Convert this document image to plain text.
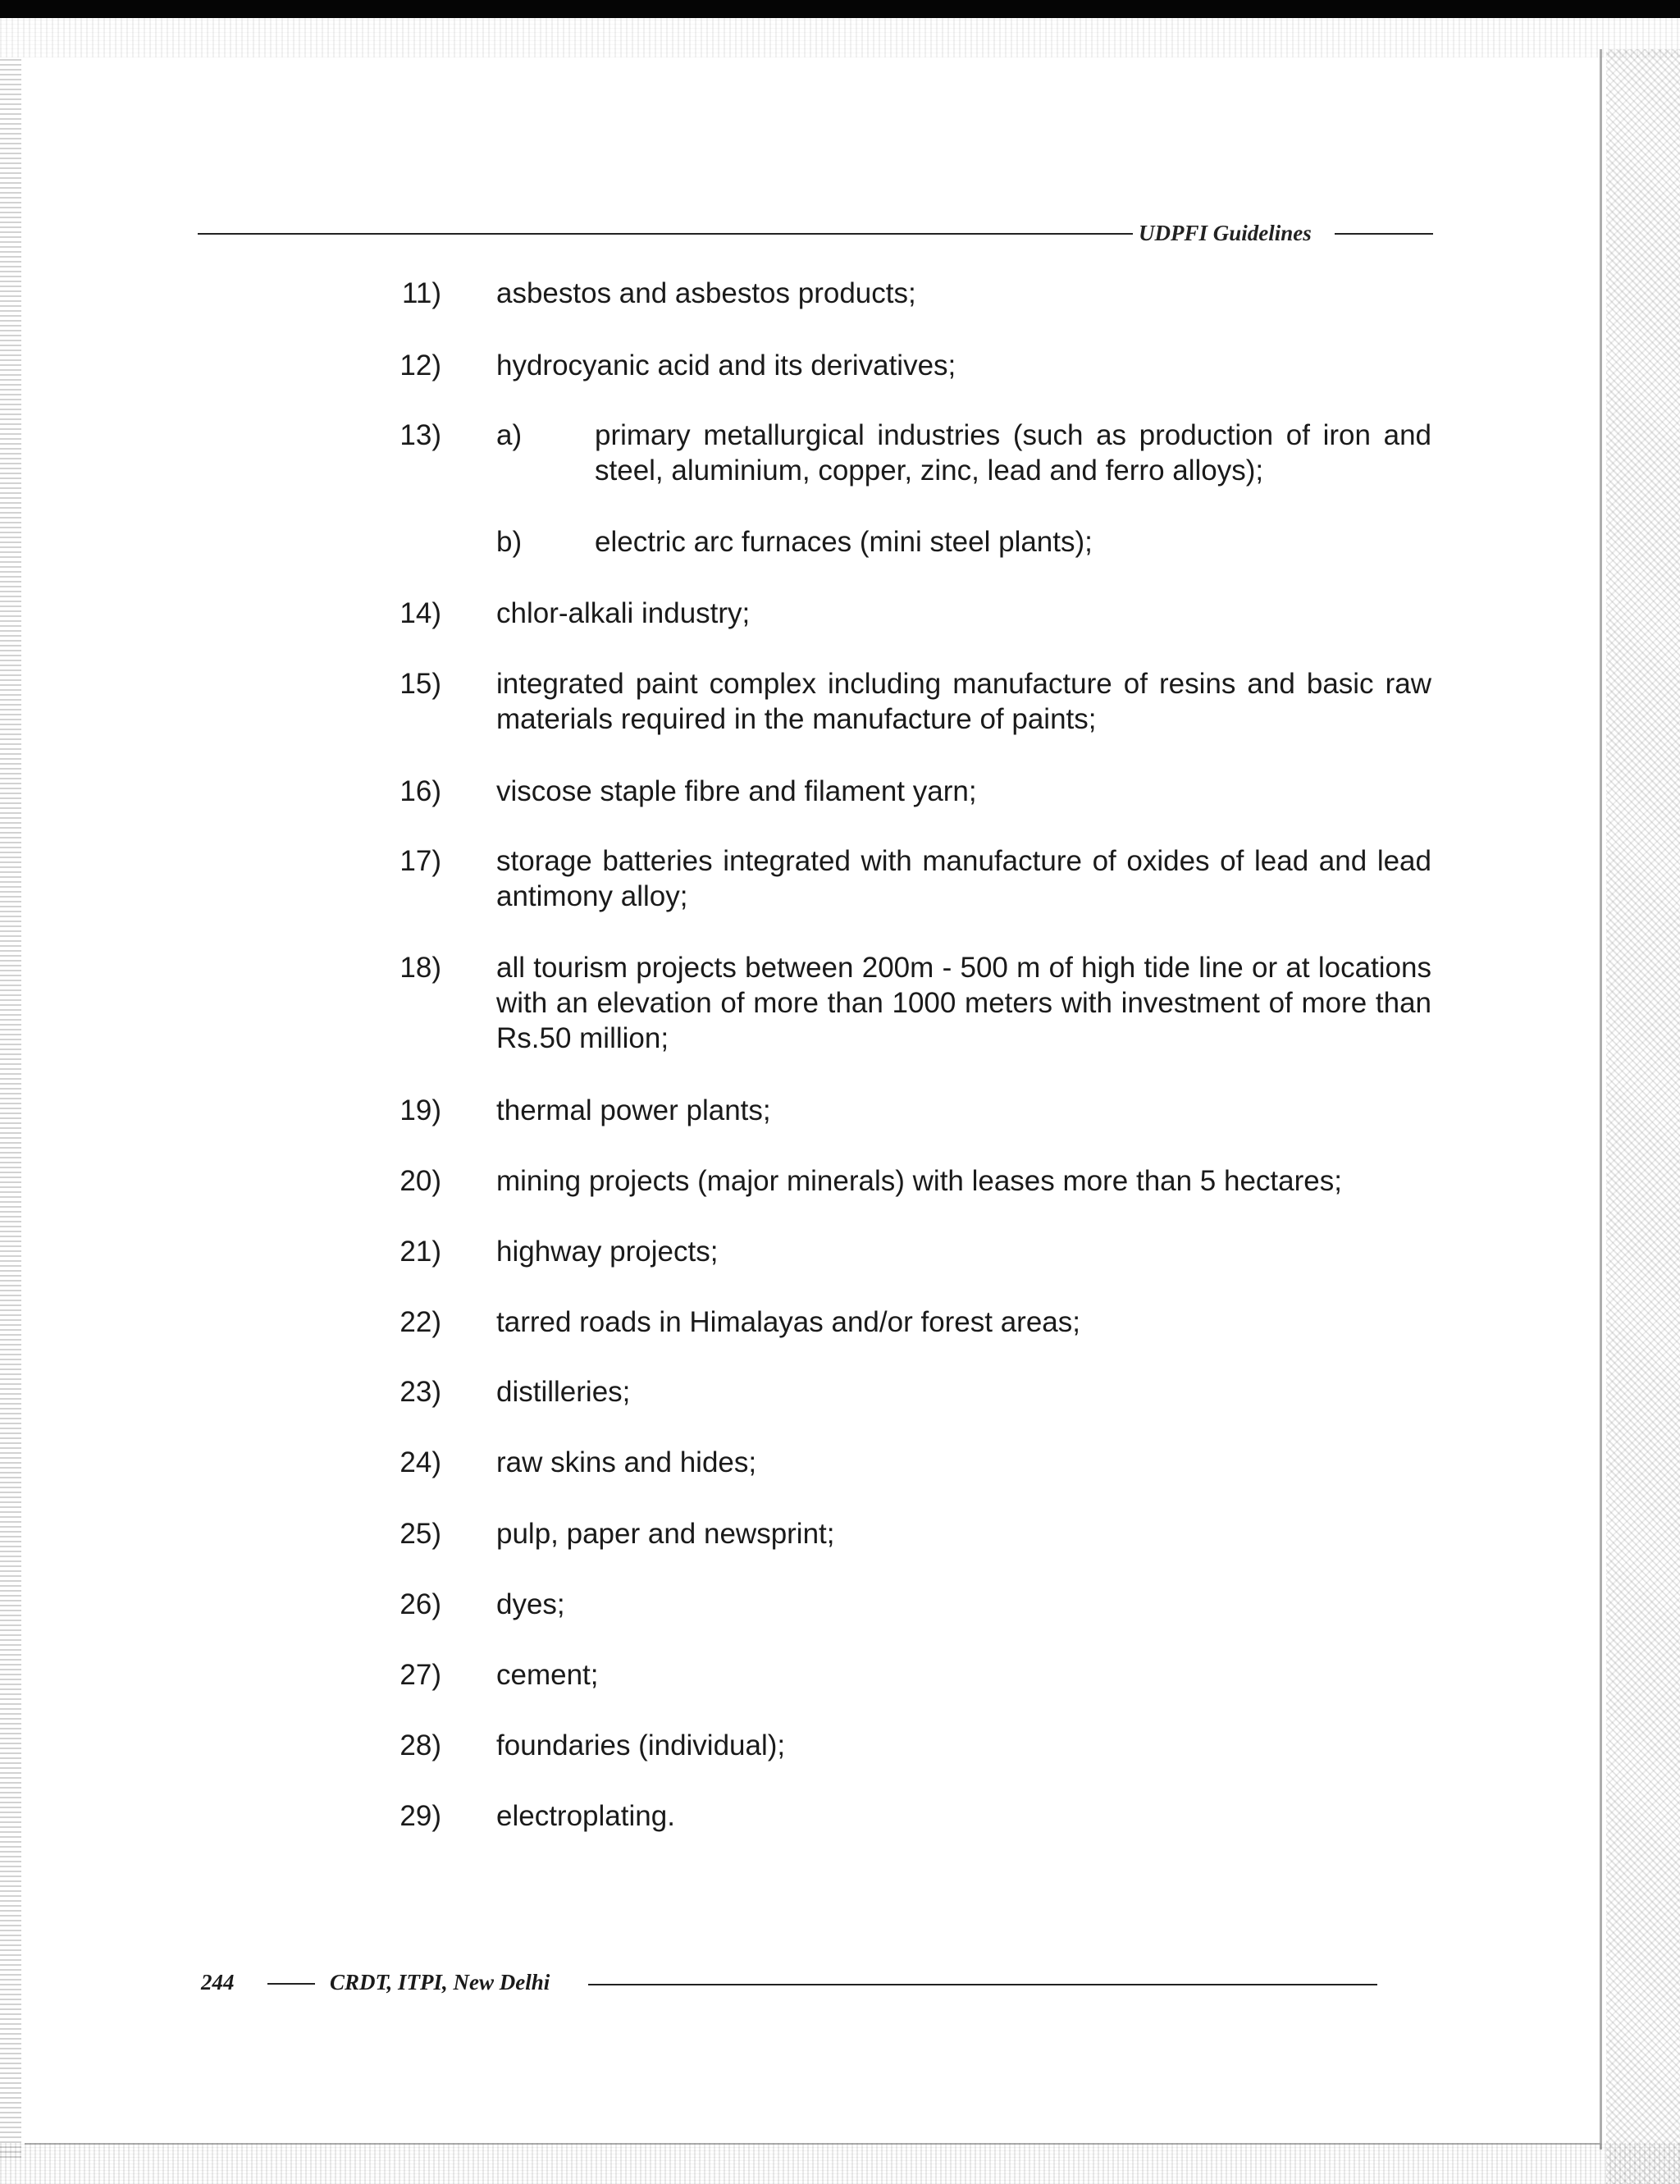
UDPFI Guidelines
11) asbestos and asbestos products;
12) hydrocyanic acid and its derivatives;
13) a)	primary metallurgical industries (such as production of iron and steel, aluminium, copper, zinc, lead and ferro alloys);
b)	electric arc furnaces (mini steel plants);
14) chlor-alkali industry;
15) integrated paint complex including manufacture of resins and basic raw materials required in the manufacture of paints;
16) viscose staple fibre and filament yarn;
17) storage batteries integrated with manufacture of oxides of lead and lead antimony alloy;
18) all tourism projects between 200m - 500 m of high tide line or at locations with an elevation of more than 1000 meters with investment of more than Rs.50 million;
19) thermal power plants;
20) mining projects (major minerals) with leases more than 5 hectares;
21) highway projects;
22) tarred roads in Himalayas and/or forest areas;
23) distilleries;
24) raw skins and hides;
25) pulp, paper and newsprint;
26) dyes;
27) cement;
28) foundaries (individual);
29) electroplating.
244	CRDT, ITPI, New Delhi
